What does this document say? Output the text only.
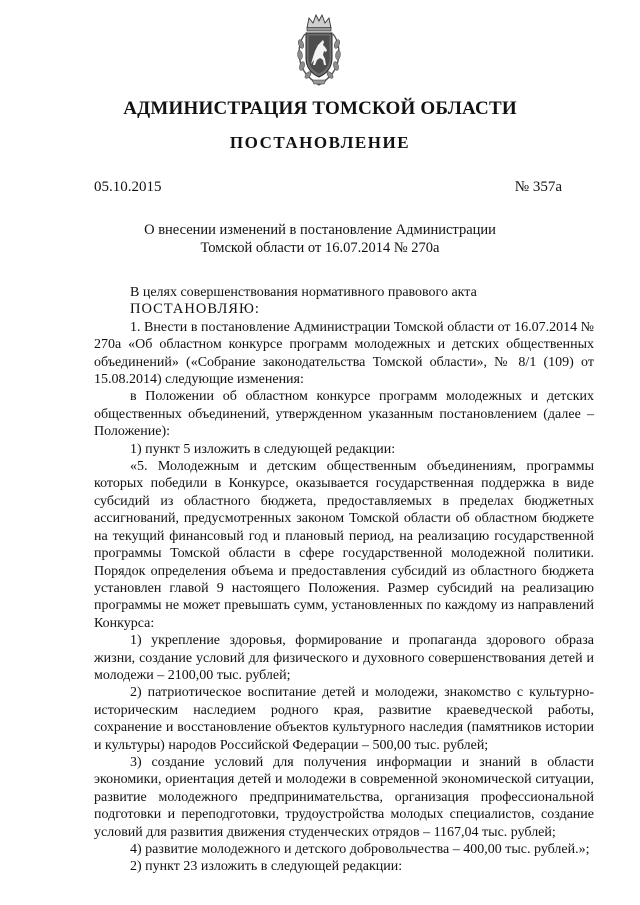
АДМИНИСТРАЦИЯ ТОМСКОЙ ОБЛАСТИ
ПОСТАНОВЛЕНИЕ
05.10.2015	№ 357а
О внесении изменений в постановление Администрации
Томской области от 16.07.2014 № 270а

В целях совершенствования нормативного правового акта

ПОСТАНОВЛЯЮ:

1. Внести в постановление Администрации Томской области от 16.07.2014 № 270а «Об областном конкурсе программ молодежных и детских общественных объединений» («Собрание законодательства Томской области», № 8/1 (109) от 15.08.2014) следующие изменения:

в Положении об областном конкурсе программ молодежных и детских общественных объединений, утвержденном указанным постановлением (далее – Положение):

1) пункт 5 изложить в следующей редакции:

«5. Молодежным и детским общественным объединениям, программы которых победили в Конкурсе, оказывается государственная поддержка в виде субсидий из областного бюджета, предоставляемых в пределах бюджетных ассигнований, предусмотренных законом Томской области об областном бюджете на текущий финансовый год и плановый период, на реализацию государственной программы Томской области в сфере государственной молодежной политики. Порядок определения объема и предоставления субсидий из областного бюджета установлен главой 9 настоящего Положения. Размер субсидий на реализацию программы не может превышать сумм, установленных по каждому из направлений Конкурса:

1) укрепление здоровья, формирование и пропаганда здорового образа жизни, создание условий для физического и духовного совершенствования детей и молодежи – 2100,00 тыс. рублей;

2) патриотическое воспитание детей и молодежи, знакомство с культурно-историческим наследием родного края, развитие краеведческой работы, сохранение и восстановление объектов культурного наследия (памятников истории и культуры) народов Российской Федерации – 500,00 тыс. рублей;

3) создание условий для получения информации и знаний в области экономики, ориентация детей и молодежи в современной экономической ситуации, развитие молодежного предпринимательства, организация профессиональной подготовки и переподготовки, трудоустройства молодых специалистов, создание условий для развития движения студенческих отрядов – 1167,04 тыс. рублей;

4) развитие молодежного и детского добровольчества – 400,00 тыс. рублей.»;

2) пункт 23 изложить в следующей редакции:
